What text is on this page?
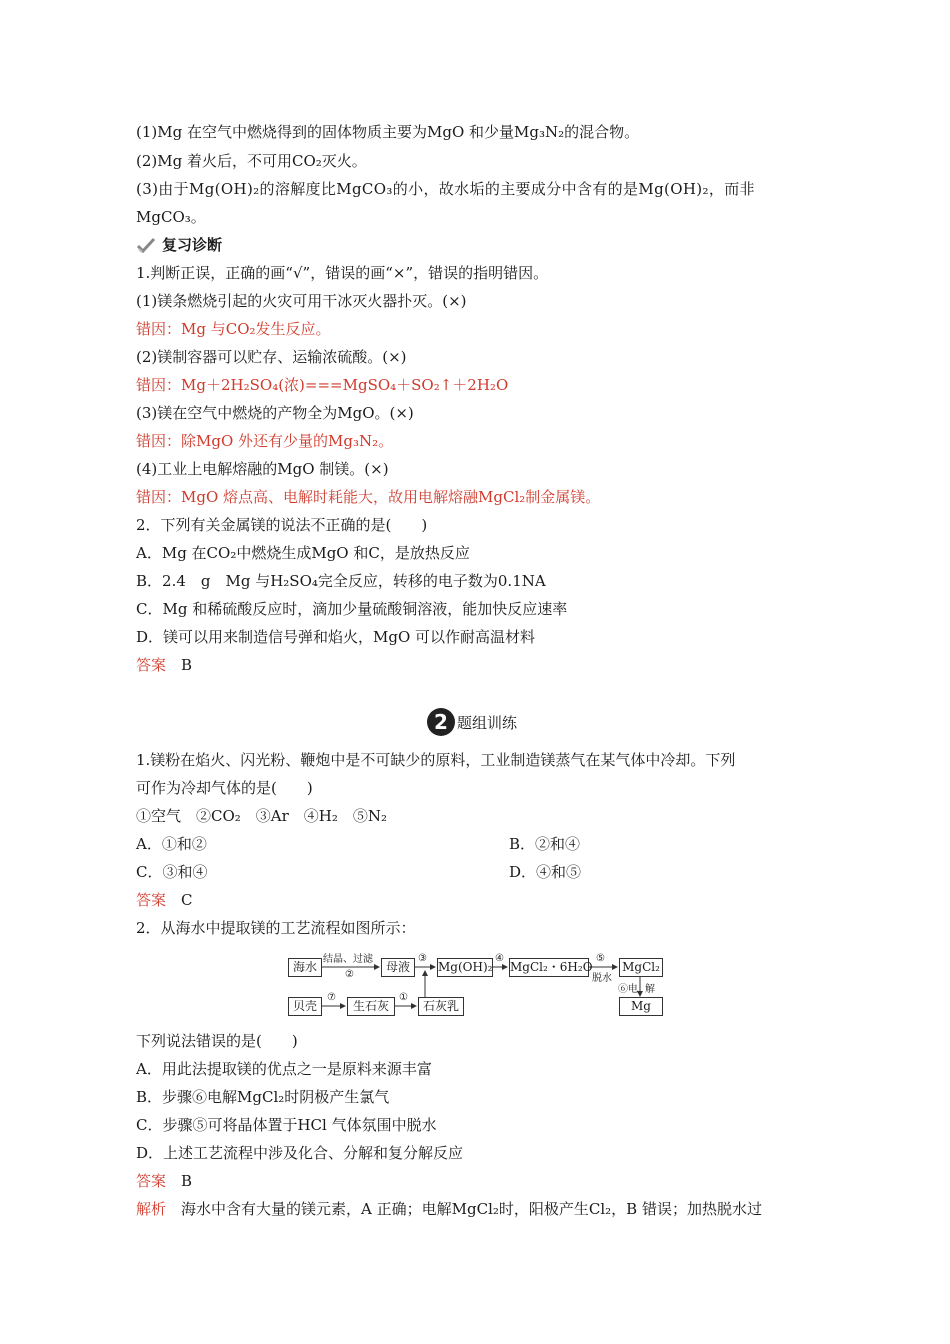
(1)Mg 在空气中燃烧得到的固体物质主要为MgO 和少量Mg₃N₂的混合物。
(2)Mg 着火后，不可用CO₂灭火。
(3)由于Mg(OH)₂的溶解度比MgCO₃的小，故水垢的主要成分中含有的是Mg(OH)₂，而非
MgCO₃。
复习诊断
1.判断正误，正确的画“√”，错误的画“×”，错误的指明错因。
(1)镁条燃烧引起的火灾可用干冰灭火器扑灭。(×)
错因：Mg 与CO₂发生反应。
(2)镁制容器可以贮存、运输浓硫酸。(×)
错因：Mg＋2H₂SO₄(浓)===MgSO₄＋SO₂↑＋2H₂O
(3)镁在空气中燃烧的产物全为MgO。(×)
错因：除MgO 外还有少量的Mg₃N₂。
(4)工业上电解熔融的MgO 制镁。(×)
错因：MgO 熔点高、电解时耗能大，故用电解熔融MgCl₂制金属镁。
2．下列有关金属镁的说法不正确的是(　　)
A．Mg 在CO₂中燃烧生成MgO 和C，是放热反应
B．2.4　g　Mg 与H₂SO₄完全反应，转移的电子数为0.1NA
C．Mg 和稀硫酸反应时，滴加少量硫酸铜溶液，能加快反应速率
D．镁可以用来制造信号弹和焰火，MgO 可以作耐高温材料
答案　 B
2 题组训练
1.镁粉在焰火、闪光粉、鞭炮中是不可缺少的原料，工业制造镁蒸气在某气体中冷却。下列
可作为冷却气体的是(　　)
①空气　②CO₂　③Ar　④H₂　⑤N₂
A．①和②	B．②和④
C．③和④	D．④和⑤
答案　 C
2．从海水中提取镁的工艺流程如图所示：
海水	母液	Mg(OH)₂ MgCl₂・6H₂O MgCl₂
Mg
贝壳	生石灰	石灰乳
结晶、过滤
②
③	④	⑤
脱水
⑥电 解
⑦	①
下列说法错误的是(　　)
A．用此法提取镁的优点之一是原料来源丰富
B．步骤⑥电解MgCl₂时阴极产生氯气
C．步骤⑤可将晶体置于HCl 气体氛围中脱水
D．上述工艺流程中涉及化合、分解和复分解反应
答案　 B
解析　 海水中含有大量的镁元素，A 正确；电解MgCl₂时，阳极产生Cl₂，B 错误；加热脱水过
